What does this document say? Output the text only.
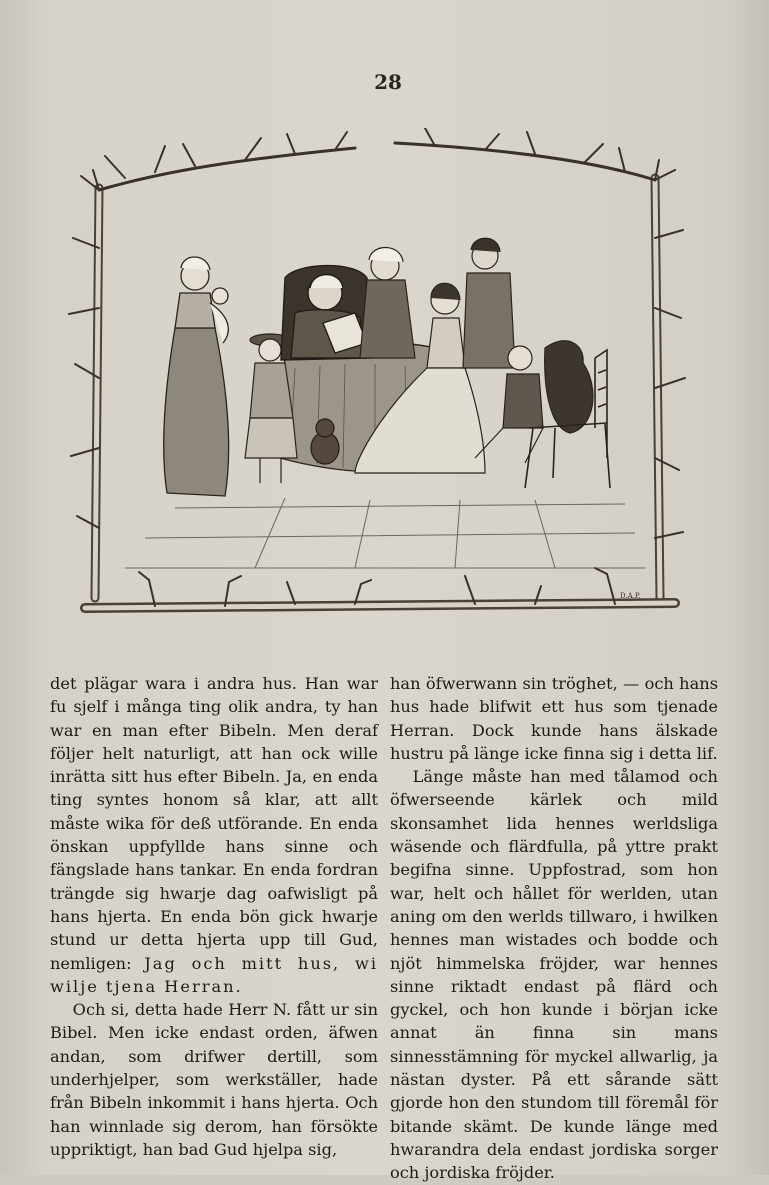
28
D.A.P.

det plägar wara i andra hus. Han war fu sjelf i många ting olik andra, ty han war en man efter Bibeln. Men deraf följer helt naturligt, att han ock wille inrätta sitt hus efter Bibeln. Ja, en enda ting syntes honom så klar, att allt måste wika för deß utförande. En enda önskan uppfyllde hans sinne och fängslade hans tankar. En enda fordran trängde sig hwarje dag oafwisligt på hans hjerta. En enda bön gick hwarje stund ur detta hjerta upp till Gud, nemligen: Jag och mitt hus, wi wilje tjena Herran.

Och si, detta hade Herr N. fått ur sin Bibel. Men icke endast orden, äfwen andan, som drifwer dertill, som underhjelper, som werkställer, hade från Bibeln inkommit i hans hjerta. Och han winnlade sig derom, han försökte uppriktigt, han bad Gud hjelpa sig,

han öfwerwann sin tröghet, — och hans hus hade blifwit ett hus som tjenade Herran. Dock kunde hans älskade hustru på länge icke finna sig i detta lif.

Länge måste han med tålamod och öfwerseende kärlek och mild skonsamhet lida hennes werldsliga wäsende och flärdfulla, på yttre prakt begifna sinne. Uppfostrad, som hon war, helt och hållet för werlden, utan aning om den werlds tillwaro, i hwilken hennes man wistades och bodde och njöt himmelska fröjder, war hennes sinne riktadt endast på flärd och gyckel, och hon kunde i början icke annat än finna sin mans sinnesstämning för myckel allwarlig, ja nästan dyster. På ett sårande sätt gjorde hon den stundom till föremål för bitande skämt. De kunde länge med hwarandra dela endast jordiska sorger och jordiska fröjder.
